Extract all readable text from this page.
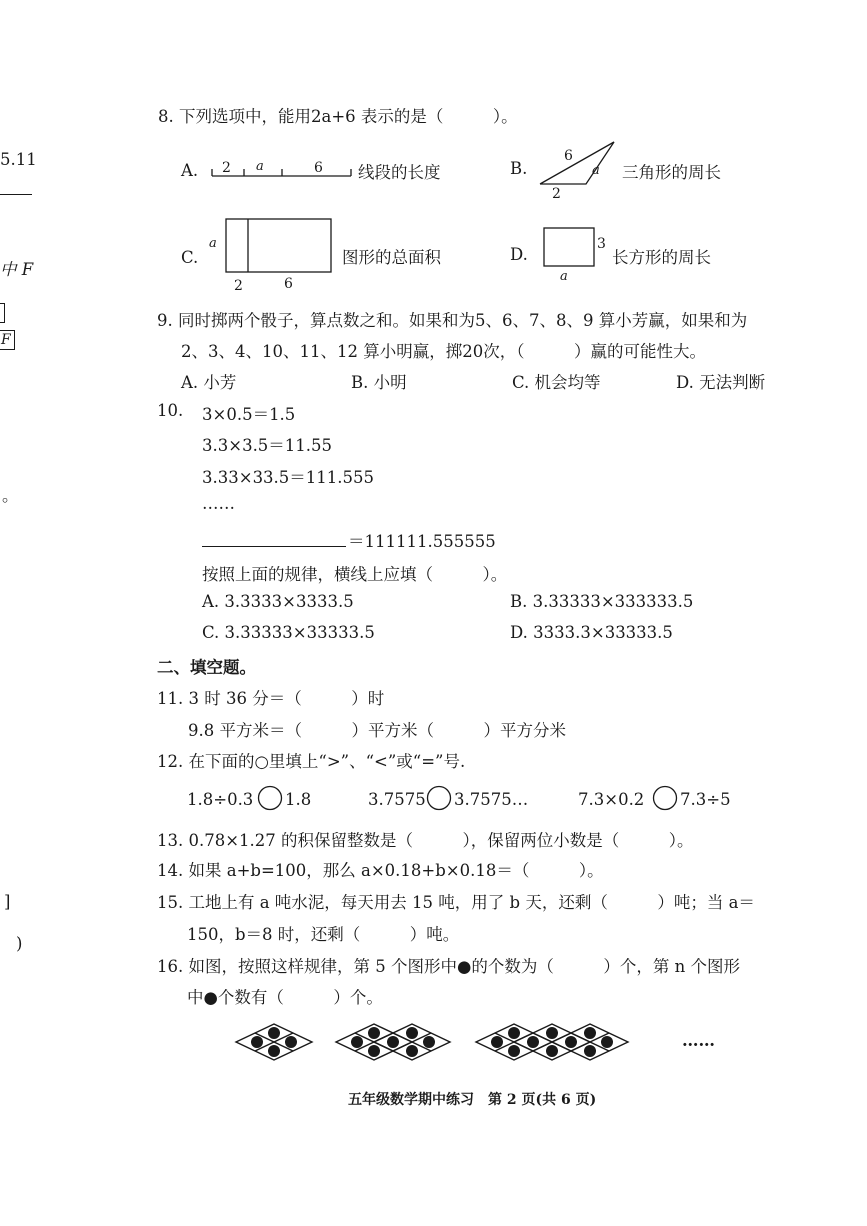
5.11
中 F
F
。
]
)
8. 下列选项中，能用2a+6 表示的是（　　　）。
A. 2 a	6 线段的长度	B.
6
a
2
三角形的周长
C.
a
2	6
图形的总面积	D.
3
a
长方形的周长
9. 同时掷两个骰子，算点数之和。如果和为5、6、7、8、9 算小芳赢，如果和为
2、3、4、10、11、12 算小明赢，掷20次，（　　　）赢的可能性大。
A. 小芳	B. 小明	C. 机会均等	D. 无法判断
10. 3×0.5＝1.5
3.3×3.5＝11.55
3.33×33.5＝111.555
……
＝111111.555555
按照上面的规律，横线上应填（　　　）。
A. 3.3333×3333.5	B. 3.33333×333333.5
C. 3.33333×33333.5	D. 3333.3×33333.5
二、填空题。
11. 3 时 36 分＝（　　　）时
9.8 平方米＝（　　　）平方米（　　　）平方分米
12. 在下面的○里填上“>”、“<”或“=”号.
1.8÷0.3 1.8	3.7575 3.7575…	7.3×0.2 7.3÷5
13. 0.78×1.27 的积保留整数是（　　　），保留两位小数是（　　　）。
14. 如果 a+b=100，那么 a×0.18+b×0.18＝（　　　）。
15. 工地上有 a 吨水泥，每天用去 15 吨，用了 b 天，还剩（　　　）吨；当 a＝
150，b＝8 时，还剩（　　　）吨。
16. 如图，按照这样规律，第 5 个图形中●的个数为（　　　）个，第 n 个图形
中●个数有（　　　）个。
……
五年级数学期中练习　第 2 页(共 6 页)
